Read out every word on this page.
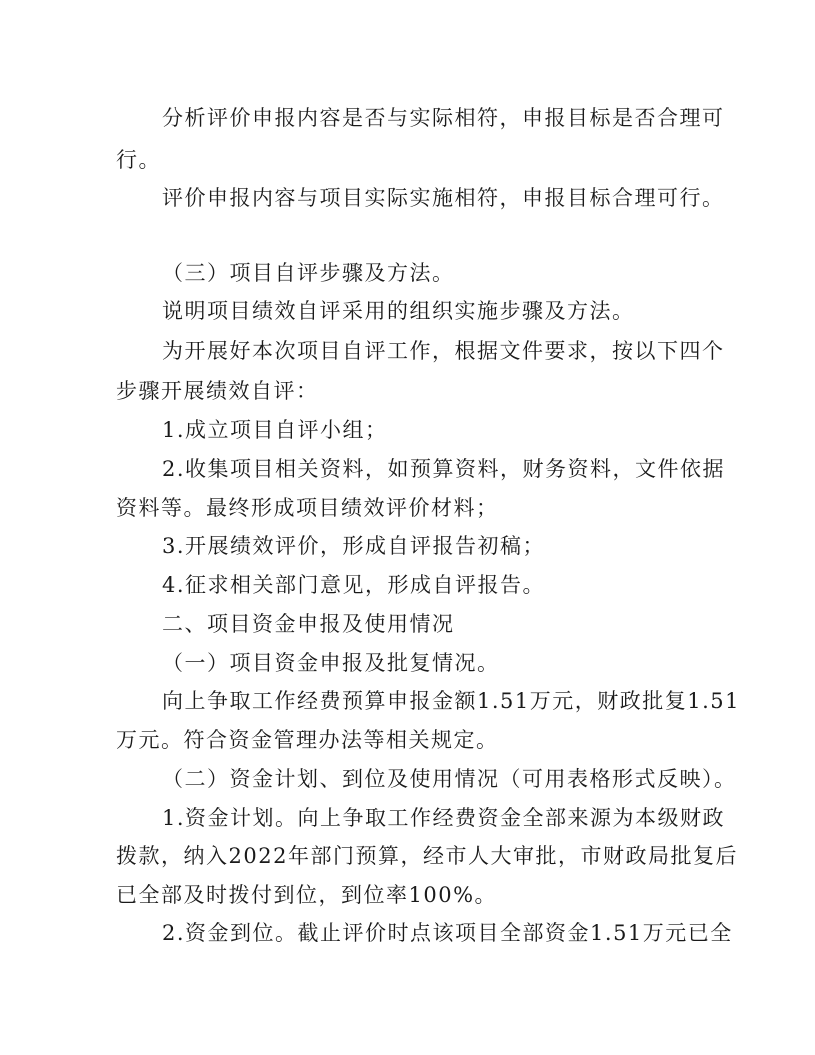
分析评价申报内容是否与实际相符，申报目标是否合理可
行。
评价申报内容与项目实际实施相符，申报目标合理可行。
（三）项目自评步骤及方法。
说明项目绩效自评采用的组织实施步骤及方法。
为开展好本次项目自评工作，根据文件要求，按以下四个
步骤开展绩效自评：
1.成立项目自评小组；
2.收集项目相关资料，如预算资料，财务资料，文件依据
资料等。最终形成项目绩效评价材料；
3.开展绩效评价，形成自评报告初稿；
4.征求相关部门意见，形成自评报告。
二、项目资金申报及使用情况
（一）项目资金申报及批复情况。
向上争取工作经费预算申报金额1.51万元，财政批复1.51
万元。符合资金管理办法等相关规定。
（二）资金计划、到位及使用情况（可用表格形式反映）。
1.资金计划。向上争取工作经费资金全部来源为本级财政
拨款，纳入2022年部门预算，经市人大审批，市财政局批复后
已全部及时拨付到位，到位率100%。
2.资金到位。截止评价时点该项目全部资金1.51万元已全
